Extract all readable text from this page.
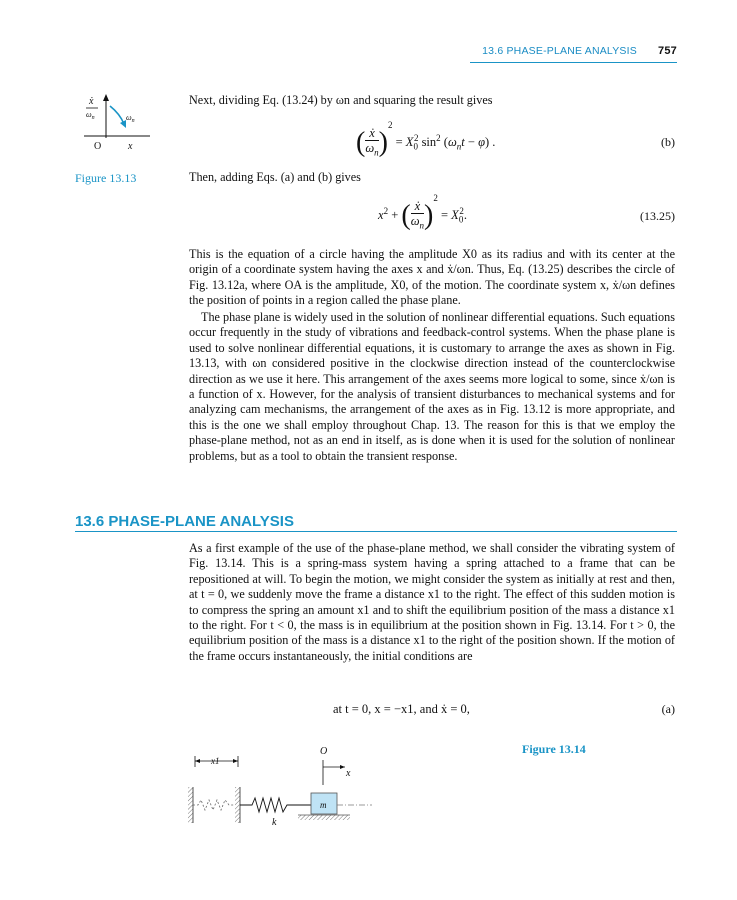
13.6 PHASE-PLANE ANALYSIS 757
ẋ
$\omega_n$	$\omega_n$
O	x
Figure 13.13
Next, dividing Eq. (13.24) by ωn and squaring the result gives
( $\frac{\text{ẋ}}{\omega_n} )^2 = X_0^2$ $\sin^2 (\omega_nt - \varphi)$ .	(b)
Then, adding Eqs. (a) and (b) gives
$x^2$ + ( $\frac{\text{ẋ}}{\omega_n} )^2 = X_0^2$.	(13.25)
This is the equation of a circle having the amplitude X0 as its radius and with its center at the origin of a coordinate system having the axes x and ẋ/ωn. Thus, Eq. (13.25) describes the circle of Fig. 13.12a, where OA is the amplitude, X0, of the motion. The coordinate system x, ẋ/ωn defines the position of points in a region called the phase plane.
The phase plane is widely used in the solution of nonlinear differential equations. Such equations occur frequently in the study of vibrations and feedback-control systems. When the phase plane is used to solve nonlinear differential equations, it is customary to arrange the axes as shown in Fig. 13.13, with ωn considered positive in the clockwise direction instead of the counterclockwise direction as we use it here. This arrangement of the axes seems more logical to some, since ẋ/ωn is a function of x. However, for the analysis of transient disturbances to mechanical systems and for analyzing cam mechanisms, the arrangement of the axes as in Fig. 13.12 is more appropriate, and this is the one we shall employ throughout Chap. 13. The reason for this is that we employ the phase-plane method, not as an end in itself, as is done when it is used for the solution of nonlinear problems, but as a tool to obtain the transient response.
13.6 PHASE-PLANE ANALYSIS
As a first example of the use of the phase-plane method, we shall consider the vibrating system of Fig. 13.14. This is a spring-mass system having a spring attached to a frame that can be repositioned at will. To begin the motion, we might consider the system as initially at rest and then, at t = 0, we suddenly move the frame a distance x1 to the right. The effect of this sudden motion is to compress the spring an amount x1 and to shift the equilibrium position of the mass a distance x1 to the right. For t < 0, the mass is in equilibrium at the position shown in Fig. 13.14. For t > 0, the equilibrium position of the mass is a distance x1 to the right of the position shown. If the motion of the frame occurs instantaneously, the initial conditions are
at t = 0, x = −x1, and ẋ = 0,	(a)
Figure 13.14
x1
k
O
x
m
